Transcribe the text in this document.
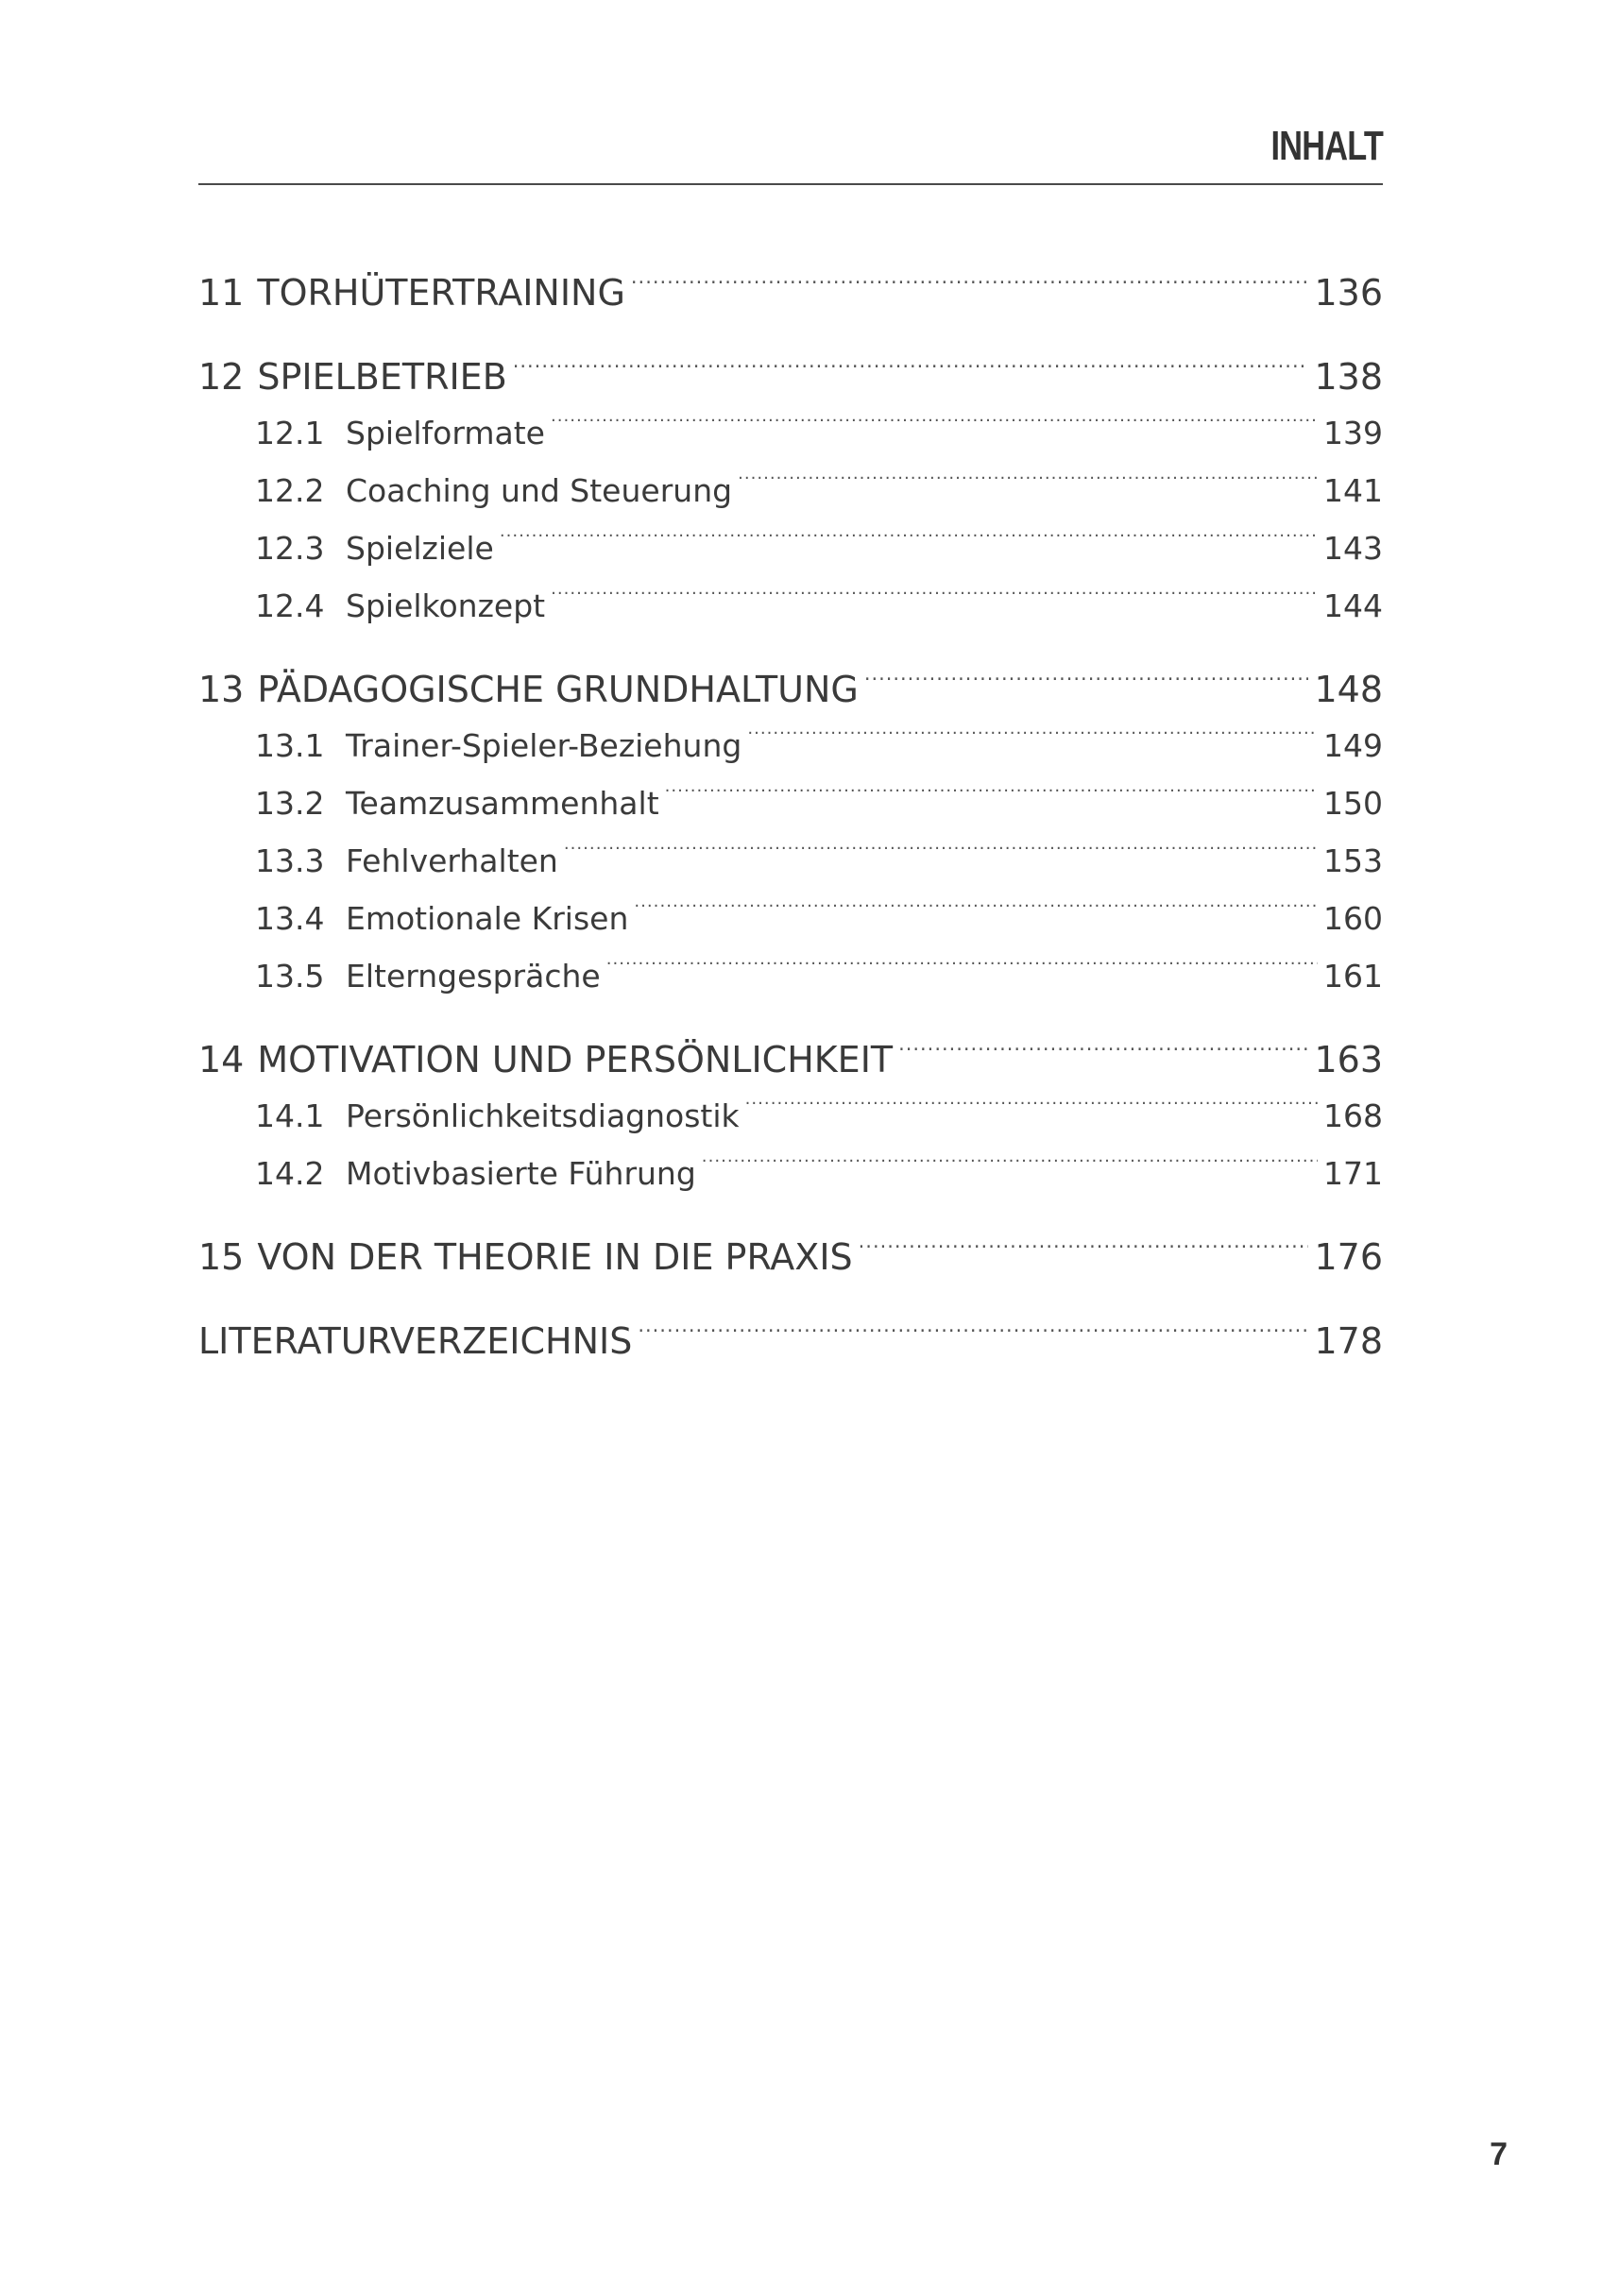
INHALT
11 TORHÜTERTRAINING .....	136
12 SPIELBETRIEB .....	138
12.1 Spielformate .....	139
12.2 Coaching und Steuerung .....	141
12.3 Spielziele .....	143
12.4 Spielkonzept .....	144
13 PÄDAGOGISCHE GRUNDHALTUNG .....	148
13.1 Trainer-Spieler-Beziehung .....	149
13.2 Teamzusammenhalt .....	150
13.3 Fehlverhalten .....	153
13.4 Emotionale Krisen .....	160
13.5 Elterngespräche .....	161
14 MOTIVATION UND PERSÖNLICHKEIT .....	163
14.1 Persönlichkeitsdiagnostik .....	168
14.2 Motivbasierte Führung .....	171
15 VON DER THEORIE IN DIE PRAXIS .....	176
LITERATURVERZEICHNIS .....	178
7
